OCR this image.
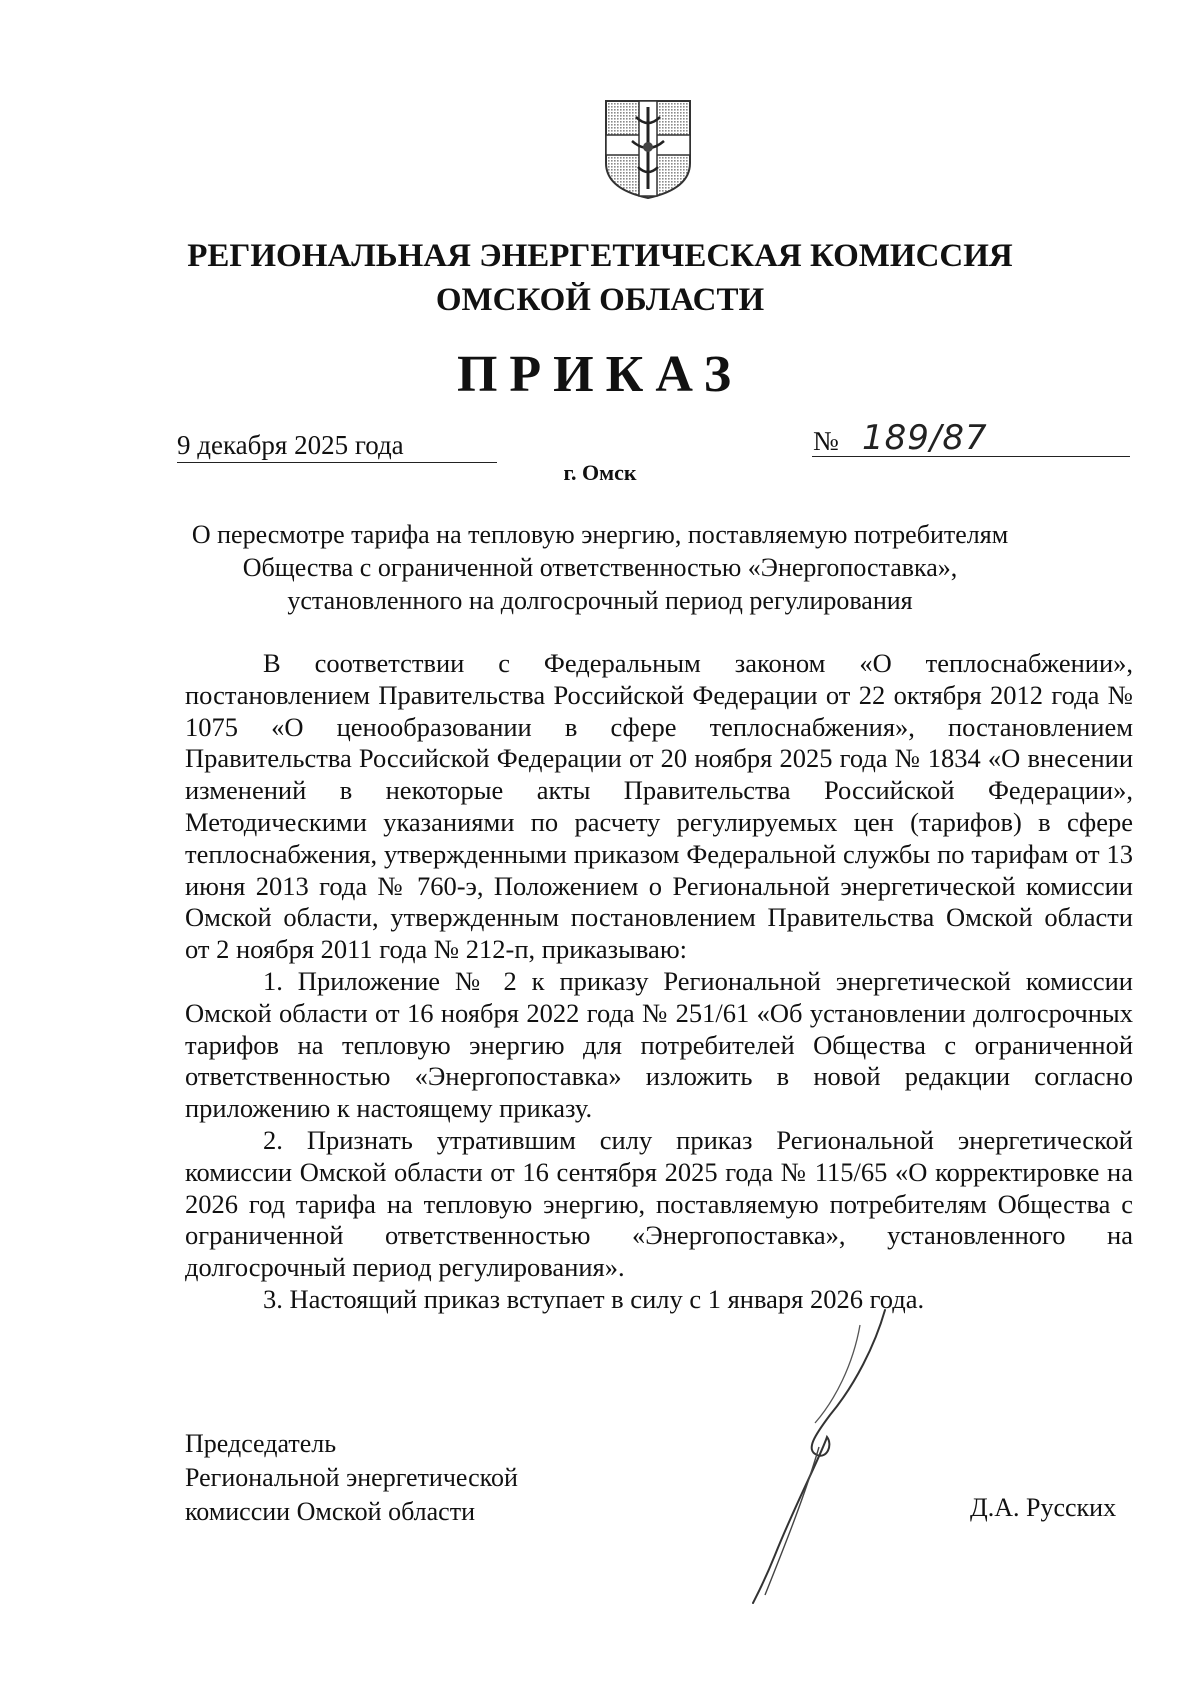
РЕГИОНАЛЬНАЯ ЭНЕРГЕТИЧЕСКАЯ КОМИССИЯ
ОМСКОЙ ОБЛАСТИ
ПРИКАЗ
9 декабря 2025 года	№ 189/87
г. Омск
О пересмотре тарифа на тепловую энергию, поставляемую потребителям
Общества с ограниченной ответственностью «Энергопоставка»,
установленного на долгосрочный период регулирования

В соответствии с Федеральным законом «О теплоснабжении», постановлением Правительства Российской Федерации от 22 октября 2012 года № 1075 «О ценообразовании в сфере теплоснабжения», постановлением Правительства Российской Федерации от 20 ноября 2025 года № 1834 «О внесении изменений в некоторые акты Правительства Российской Федерации», Методическими указаниями по расчету регулируемых цен (тарифов) в сфере теплоснабжения, утвержденными приказом Федеральной службы по тарифам от 13 июня 2013 года № 760-э, Положением о Региональной энергетической комиссии Омской области, утвержденным постановлением Правительства Омской области от 2 ноября 2011 года № 212-п, приказываю:

1. Приложение № 2 к приказу Региональной энергетической комиссии Омской области от 16 ноября 2022 года № 251/61 «Об установлении долгосрочных тарифов на тепловую энергию для потребителей Общества с ограниченной ответственностью «Энергопоставка» изложить в новой редакции согласно приложению к настоящему приказу.

2. Признать утратившим силу приказ Региональной энергетической комиссии Омской области от 16 сентября 2025 года № 115/65 «О корректировке на 2026 год тарифа на тепловую энергию, поставляемую потребителям Общества с ограниченной ответственностью «Энергопоставка», установленного на долгосрочный период регулирования».

3. Настоящий приказ вступает в силу с 1 января 2026 года.

Председатель
Региональной энергетической
комиссии Омской области	Д.А. Русских
